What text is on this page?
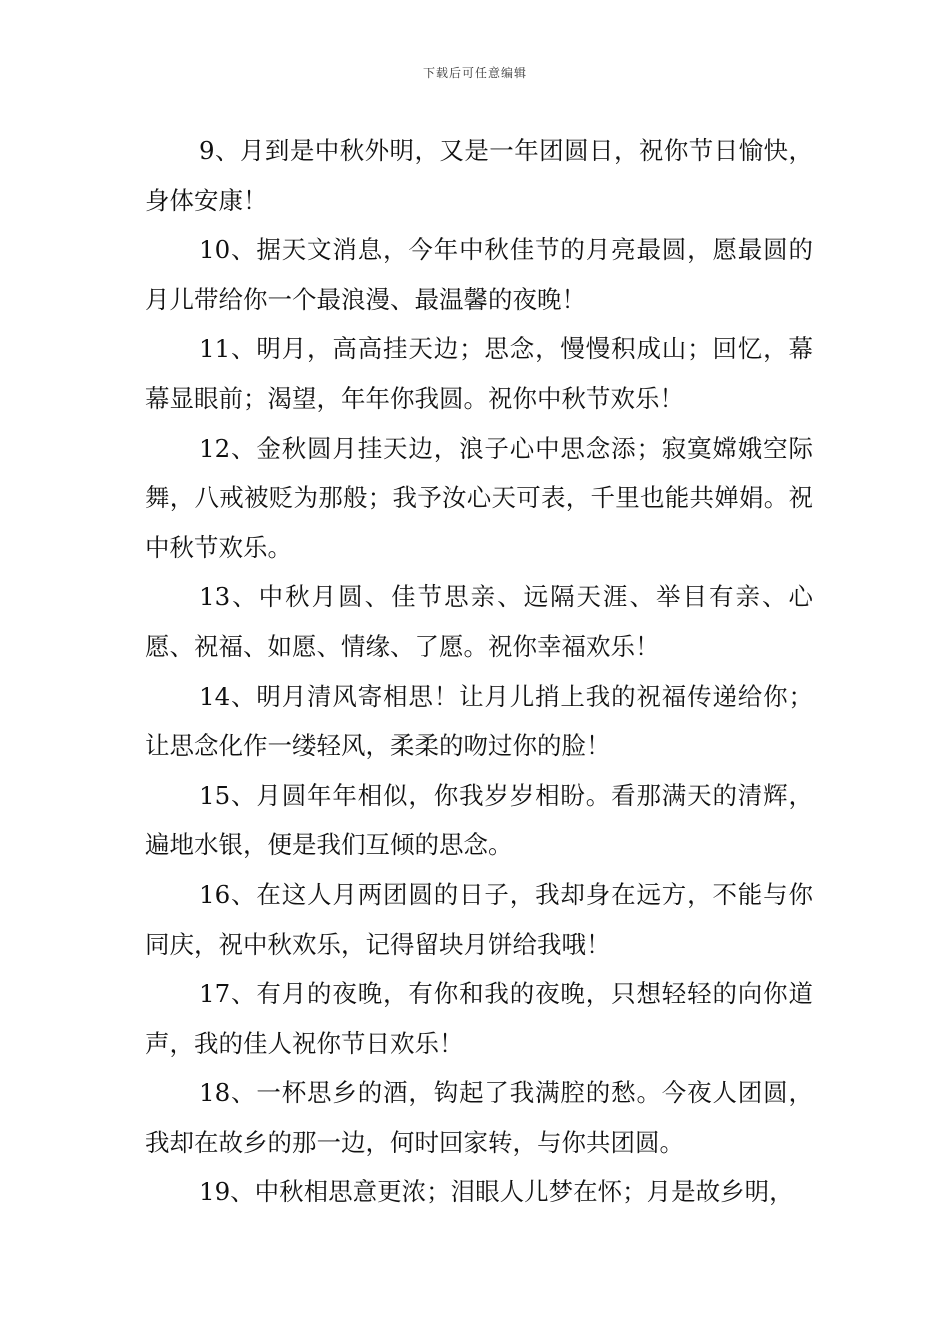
下载后可任意编辑

9、月到是中秋外明，又是一年团圆日，祝你节日愉快，身体安康！

10、据天文消息，今年中秋佳节的月亮最圆，愿最圆的月儿带给你一个最浪漫、最温馨的夜晚！

11、明月，高高挂天边；思念，慢慢积成山；回忆，幕幕显眼前；渴望，年年你我圆。祝你中秋节欢乐！

12、金秋圆月挂天边，浪子心中思念添；寂寞嫦娥空际舞，八戒被贬为那般；我予汝心天可表，千里也能共婵娟。祝中秋节欢乐。

13、中秋月圆、佳节思亲、远隔天涯、举目有亲、心愿、祝福、如愿、情缘、了愿。祝你幸福欢乐！

14、明月清风寄相思！让月儿捎上我的祝福传递给你；让思念化作一缕轻风，柔柔的吻过你的脸！

15、月圆年年相似，你我岁岁相盼。看那满天的清辉，遍地水银，便是我们互倾的思念。

16、在这人月两团圆的日子，我却身在远方，不能与你同庆，祝中秋欢乐，记得留块月饼给我哦！

17、有月的夜晚，有你和我的夜晚，只想轻轻的向你道声，我的佳人祝你节日欢乐！

18、一杯思乡的酒，钩起了我满腔的愁。今夜人团圆，我却在故乡的那一边，何时回家转，与你共团圆。

19、中秋相思意更浓；泪眼人儿梦在怀；月是故乡明，
